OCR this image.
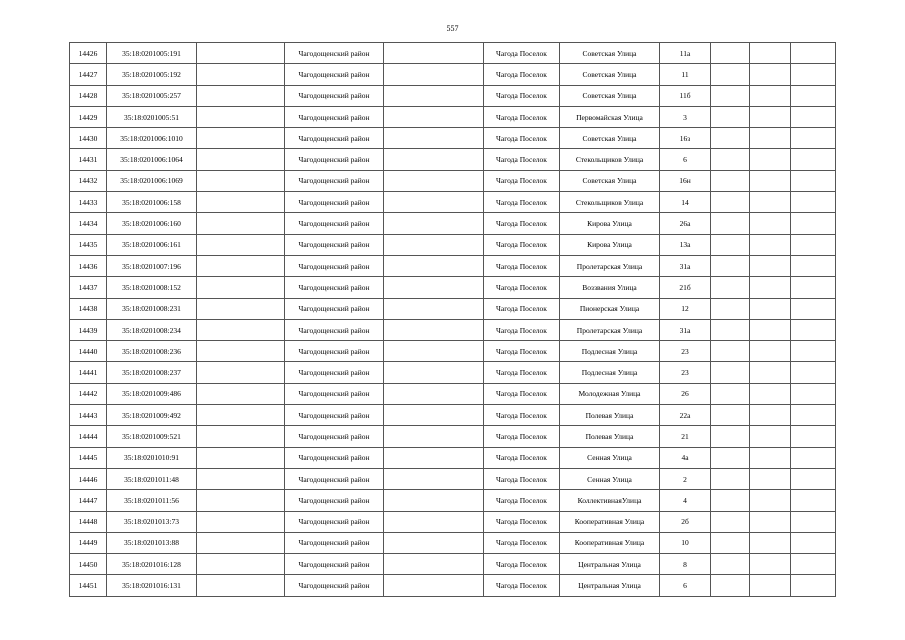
557
14426	35:18:0201005:191		Чагодощенский район		Чагода Поселок	Советская Улица	11а			
14427	35:18:0201005:192		Чагодощенский район		Чагода Поселок	Советская Улица	11			
14428	35:18:0201005:257		Чагодощенский район		Чагода Поселок	Советская Улица	11б			
14429	35:18:0201005:51		Чагодощенский район		Чагода Поселок	Первомайская Улица	3			
14430	35:18:0201006:1010		Чагодощенский район		Чагода Поселок	Советская Улица	16з			
14431	35:18:0201006:1064		Чагодощенский район		Чагода Поселок	Стекольщиков Улица	6			
14432	35:18:0201006:1069		Чагодощенский район		Чагода Поселок	Советская Улица	16н			
14433	35:18:0201006:158		Чагодощенский район		Чагода Поселок	Стекольщиков Улица	14			
14434	35:18:0201006:160		Чагодощенский район		Чагода Поселок	Кирова Улица	26а			
14435	35:18:0201006:161		Чагодощенский район		Чагода Поселок	Кирова Улица	13а			
14436	35:18:0201007:196		Чагодощенский район		Чагода Поселок	Пролетарская Улица	31а			
14437	35:18:0201008:152		Чагодощенский район		Чагода Поселок	Воззвания Улица	21б			
14438	35:18:0201008:231		Чагодощенский район		Чагода Поселок	Пионерская Улица	12			
14439	35:18:0201008:234		Чагодощенский район		Чагода Поселок	Пролетарская Улица	31а			
14440	35:18:0201008:236		Чагодощенский район		Чагода Поселок	Подлесная Улица	23			
14441	35:18:0201008:237		Чагодощенский район		Чагода Поселок	Подлесная Улица	23			
14442	35:18:0201009:486		Чагодощенский район		Чагода Поселок	Молодежная Улица	26			
14443	35:18:0201009:492		Чагодощенский район		Чагода Поселок	Полевая Улица	22а			
14444	35:18:0201009:521		Чагодощенский район		Чагода Поселок	Полевая Улица	21			
14445	35:18:0201010:91		Чагодощенский район		Чагода Поселок	Сенная Улица	4а			
14446	35:18:0201011:48		Чагодощенский район		Чагода Поселок	Сенная Улица	2			
14447	35:18:0201011:56		Чагодощенский район		Чагода Поселок	КоллективнаяУлица	4			
14448	35:18:0201013:73		Чагодощенский район		Чагода Поселок	Кооперативная Улица	2б			
14449	35:18:0201013:88		Чагодощенский район		Чагода Поселок	Кооперативная Улица	10			
14450	35:18:0201016:128		Чагодощенский район		Чагода Поселок	Центральная Улица	8			
14451	35:18:0201016:131		Чагодощенский район		Чагода Поселок	Центральная Улица	6			
